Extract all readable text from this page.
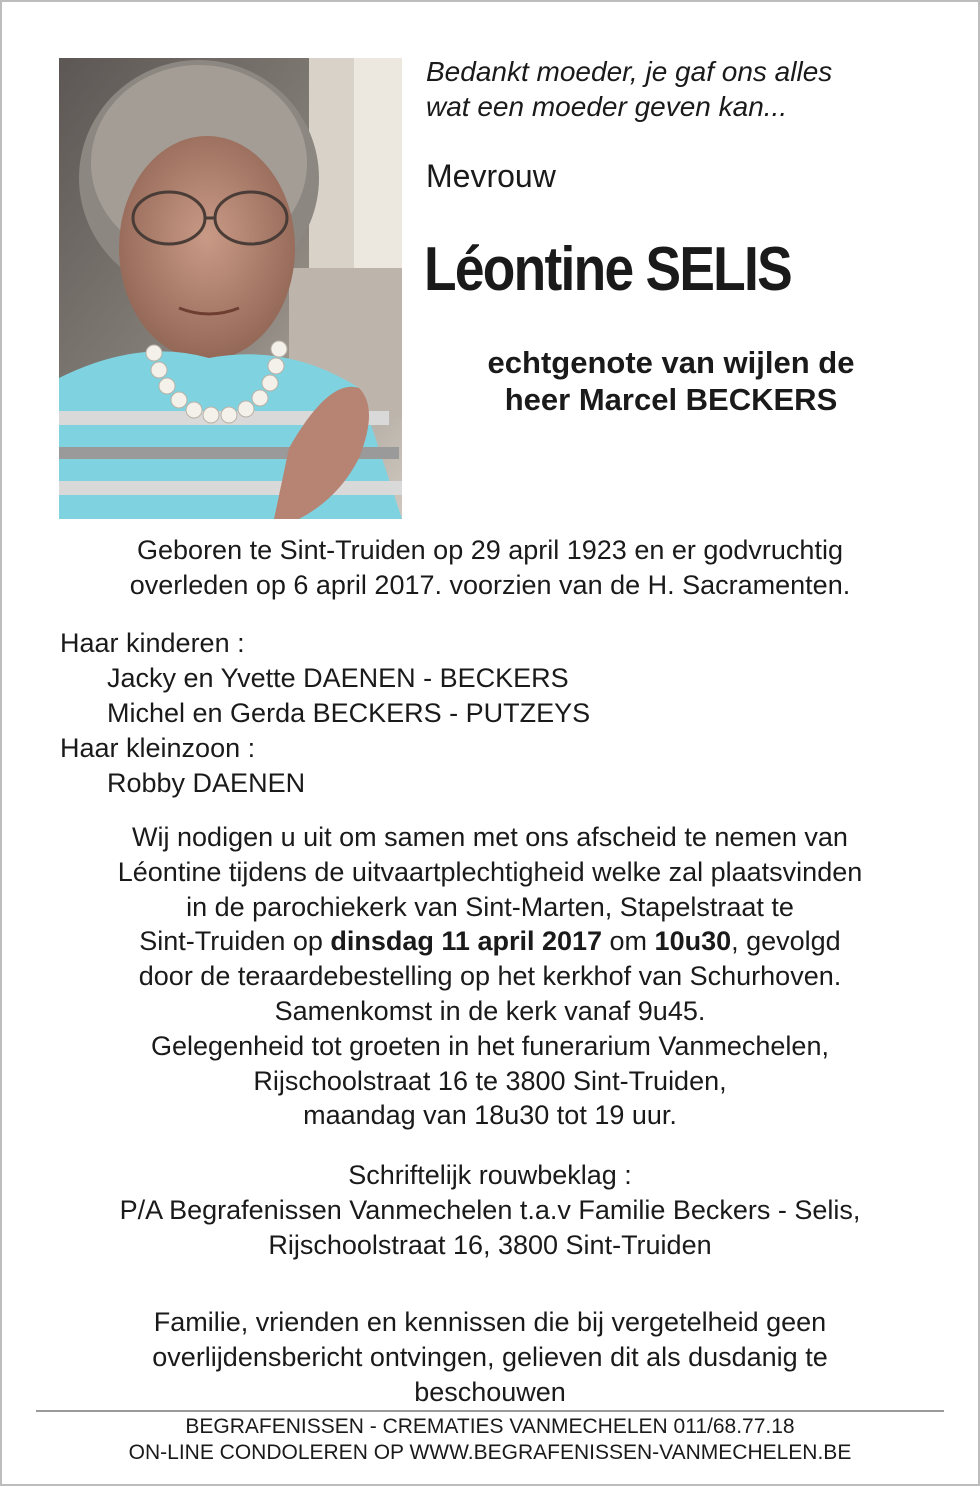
Bedankt moeder, je gaf ons alles
wat een moeder geven kan...
Mevrouw
Léontine SELIS
echtgenote van wijlen de
heer Marcel BECKERS
Geboren te Sint-Truiden op 29 april 1923 en er godvruchtig
overleden op 6 april 2017. voorzien van de H. Sacramenten.
Haar kinderen :
Jacky en Yvette DAENEN - BECKERS
Michel en Gerda BECKERS - PUTZEYS
Haar kleinzoon :
Robby DAENEN
Wij nodigen u uit om samen met ons afscheid te nemen van
Léontine tijdens de uitvaartplechtigheid welke zal plaatsvinden
in de parochiekerk van Sint-Marten, Stapelstraat te
Sint-Truiden op dinsdag 11 april 2017 om 10u30, gevolgd
door de teraardebestelling op het kerkhof van Schurhoven.
Samenkomst in de kerk vanaf 9u45.
Gelegenheid tot groeten in het funerarium Vanmechelen,
Rijschoolstraat 16 te 3800 Sint-Truiden,
maandag van 18u30 tot 19 uur.
Schriftelijk rouwbeklag :
P/A Begrafenissen Vanmechelen t.a.v Familie Beckers - Selis,
Rijschoolstraat 16, 3800 Sint-Truiden
Familie, vrienden en kennissen die bij vergetelheid geen
overlijdensbericht ontvingen, gelieven dit als dusdanig te
beschouwen
BEGRAFENISSEN - CREMATIES VANMECHELEN 011/68.77.18
ON-LINE CONDOLEREN OP WWW.BEGRAFENISSEN-VANMECHELEN.BE
